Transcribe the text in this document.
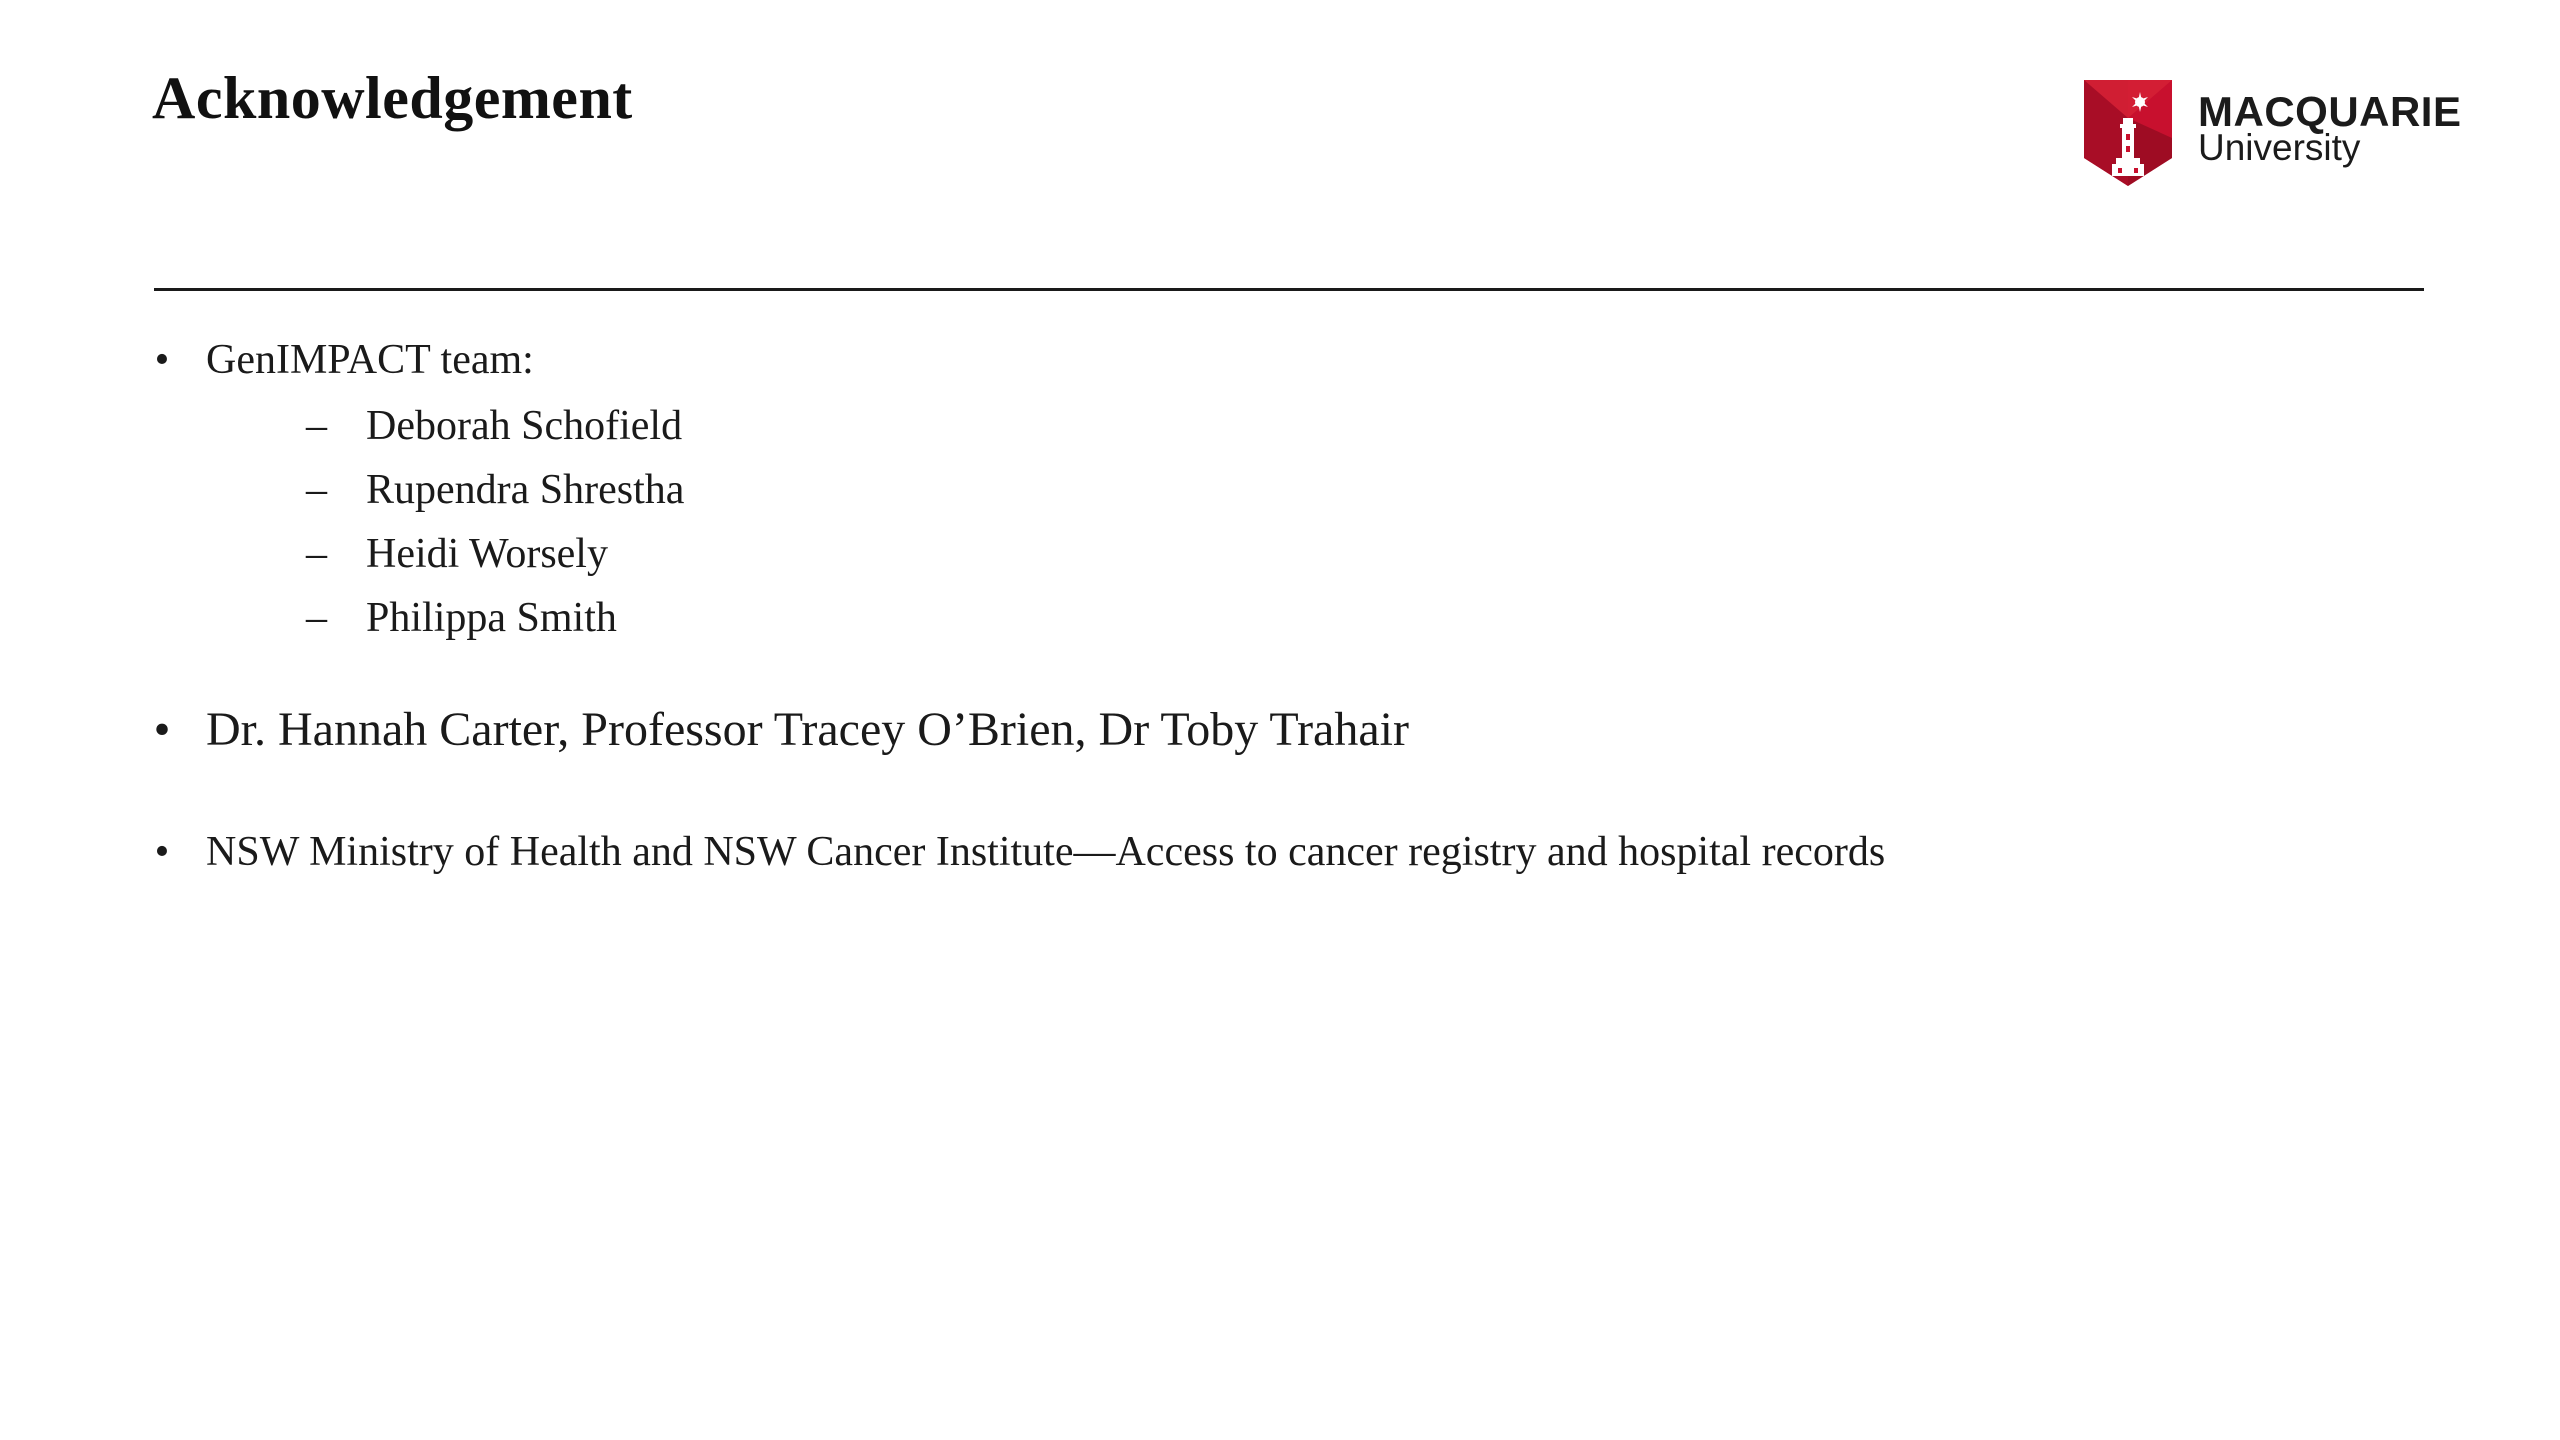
Acknowledgement	MACQUARIE
University
• GenIMPACT team:
– Deborah Schofield
– Rupendra Shrestha
– Heidi Worsely
– Philippa Smith
• Dr. Hannah Carter, Professor Tracey O’Brien, Dr Toby Trahair
• NSW Ministry of Health and NSW Cancer Institute—Access to cancer registry and hospital records
